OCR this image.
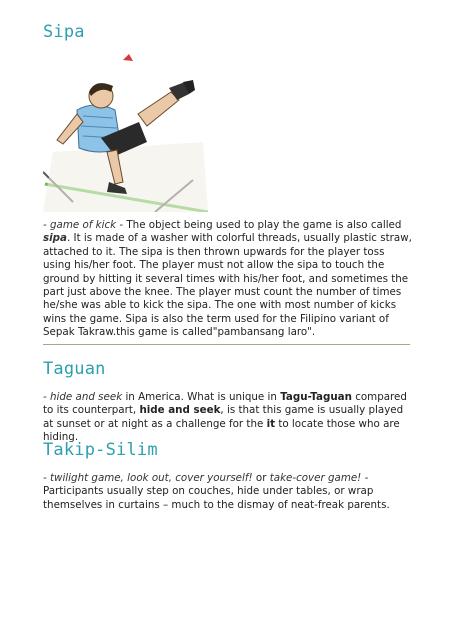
Sipa

- game of kick - The object being used to play the game is also called sipa. It is made of a washer with colorful threads, usually plastic straw, attached to it. The sipa is then thrown upwards for the player toss using his/her foot. The player must not allow the sipa to touch the ground by hitting it several times with his/her foot, and sometimes the part just above the knee. The player must count the number of times he/she was able to kick the sipa. The one with most number of kicks wins the game. Sipa is also the term used for the Filipino variant of Sepak Takraw.this game is called"pambansang laro".

Taguan

- hide and seek in America. What is unique in Tagu-Taguan compared to its counterpart, hide and seek, is that this game is usually played at sunset or at night as a challenge for the it to locate those who are hiding.

Takip-Silim

- twilight game, look out, cover yourself! or take-cover game! -
Participants usually step on couches, hide under tables, or wrap themselves in curtains – much to the dismay of neat-freak parents.
